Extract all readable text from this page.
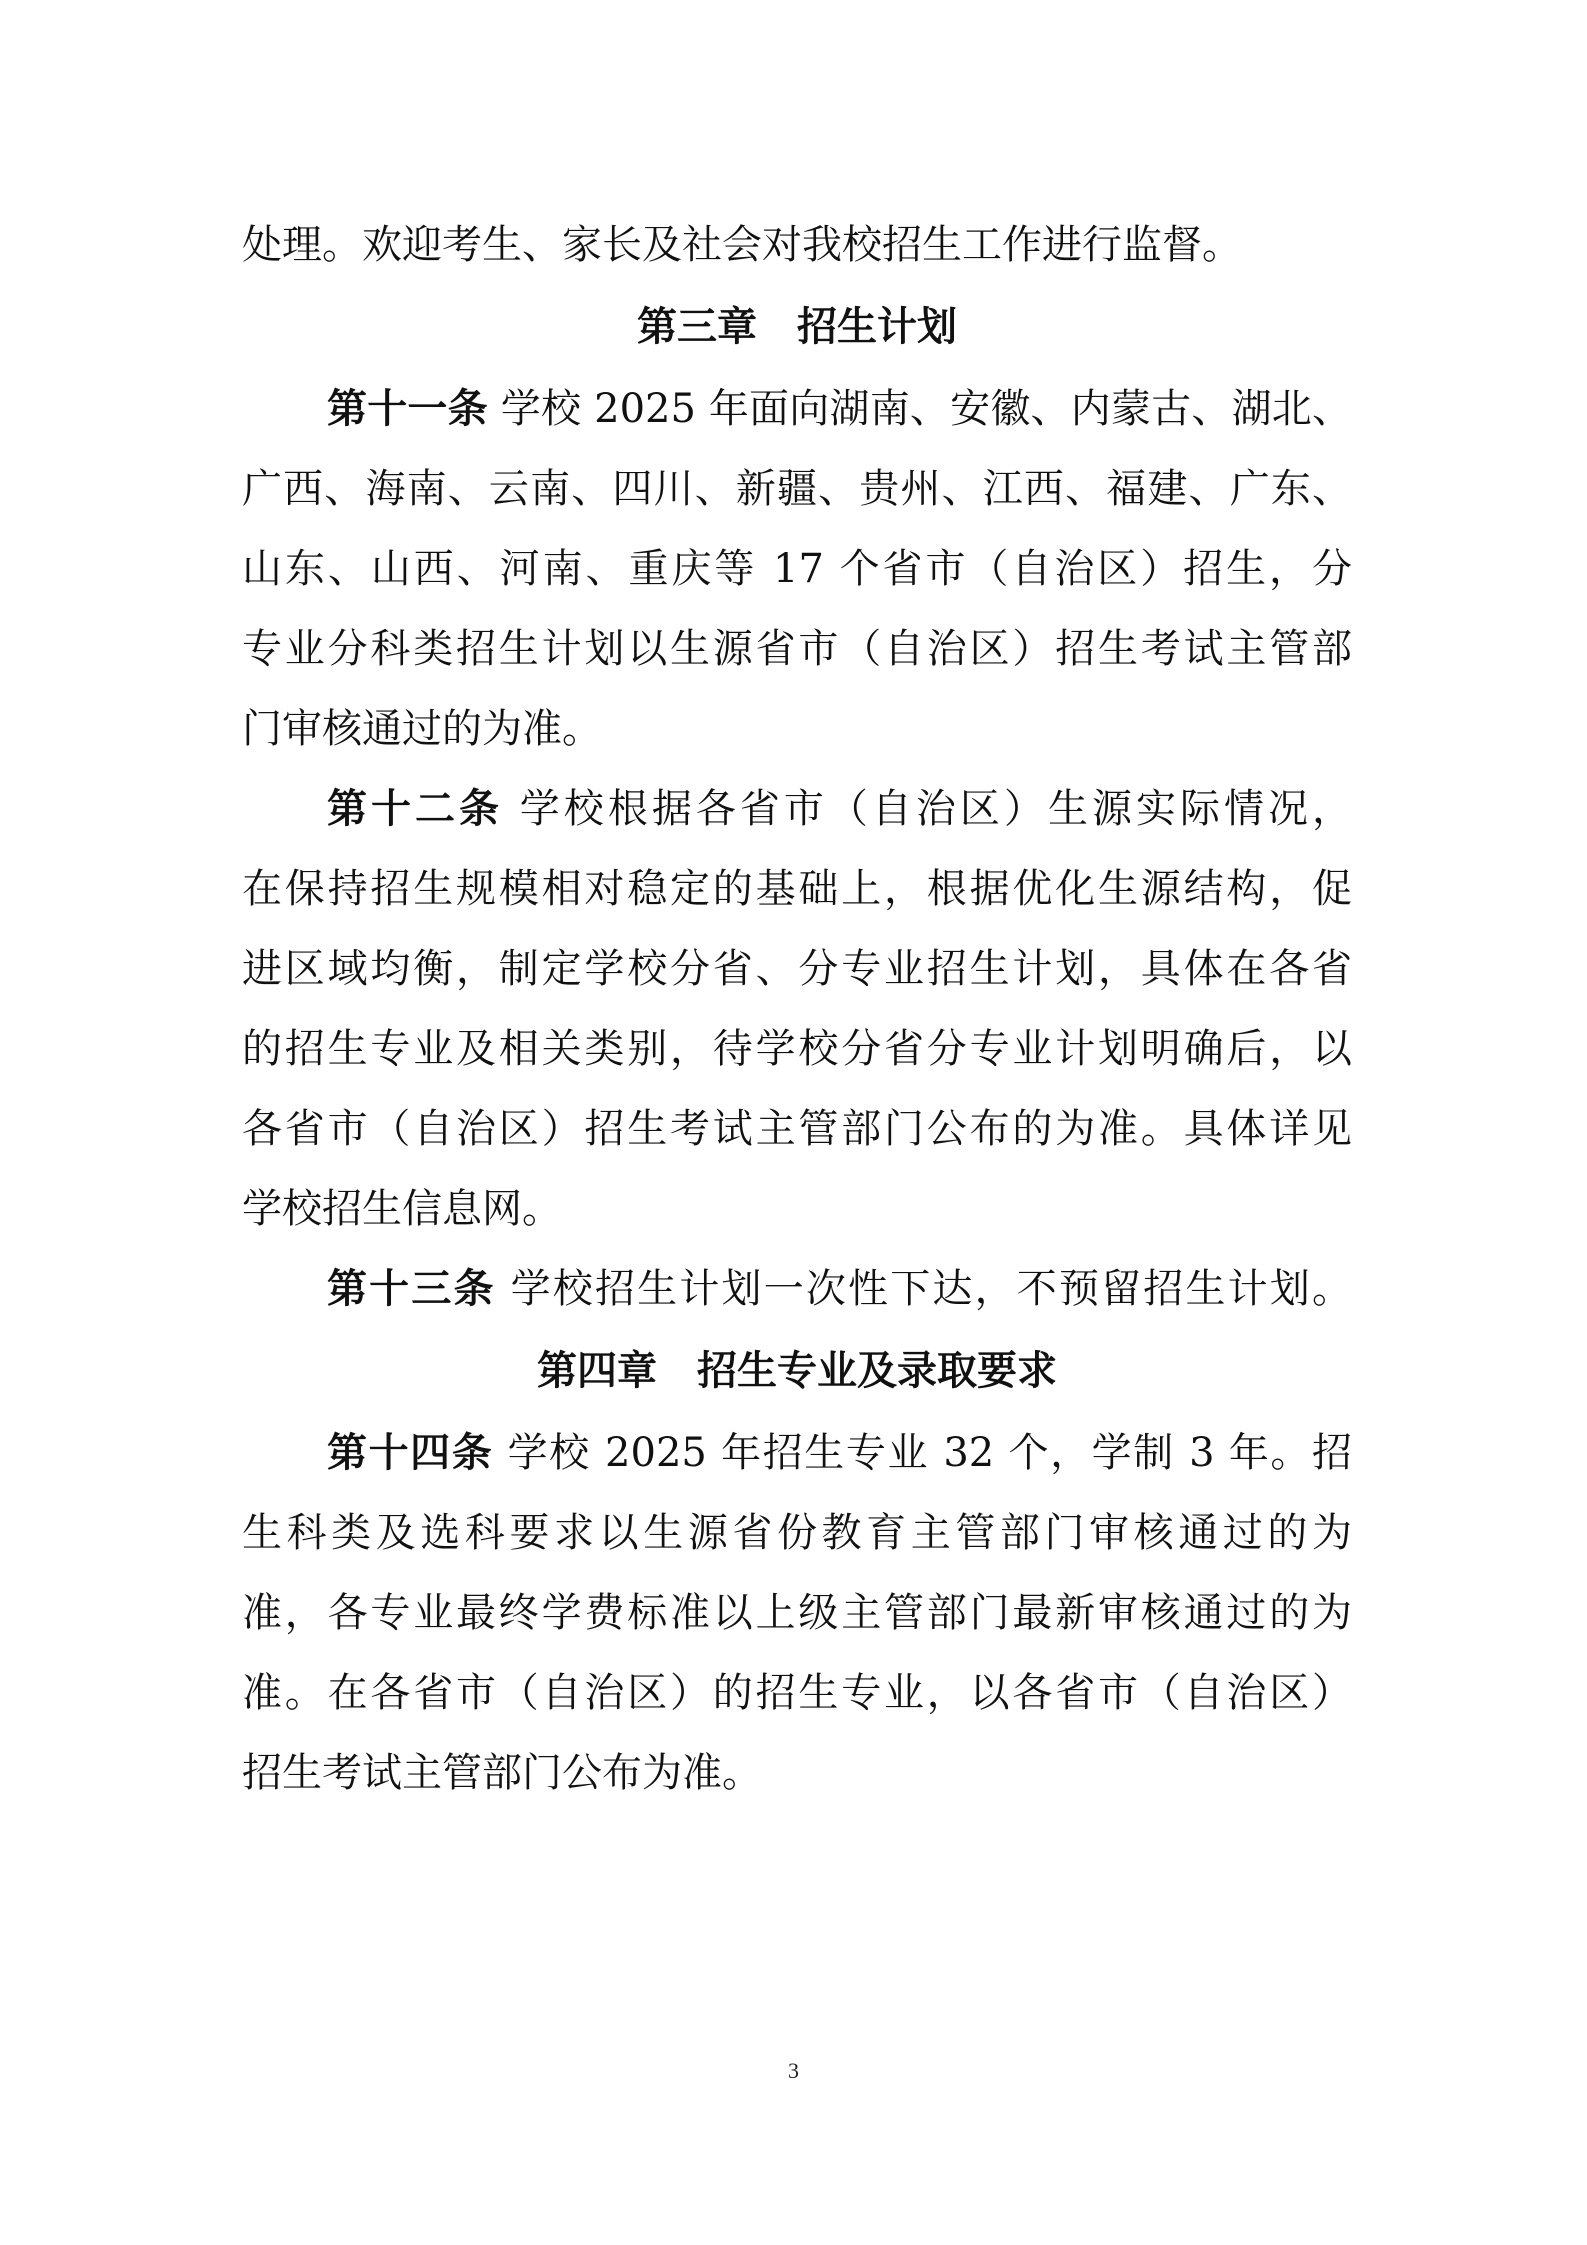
处理。欢迎考生、家长及社会对我校招生工作进行监督。
第三章　招生计划
第十一条 学校 2025 年面向湖南、安徽、内蒙古、湖北、
广西、海南、云南、四川、新疆、贵州、江西、福建、广东、
山东、山西、河南、重庆等 17 个省市（自治区）招生，分
专业分科类招生计划以生源省市（自治区）招生考试主管部
门审核通过的为准。
第十二条 学校根据各省市（自治区）生源实际情况，
在保持招生规模相对稳定的基础上，根据优化生源结构，促
进区域均衡，制定学校分省、分专业招生计划，具体在各省
的招生专业及相关类别，待学校分省分专业计划明确后，以
各省市（自治区）招生考试主管部门公布的为准。具体详见
学校招生信息网。
第十三条 学校招生计划一次性下达，不预留招生计划。
第四章　招生专业及录取要求
第十四条 学校 2025 年招生专业 32 个，学制 3 年。招
生科类及选科要求以生源省份教育主管部门审核通过的为
准，各专业最终学费标准以上级主管部门最新审核通过的为
准。在各省市（自治区）的招生专业，以各省市（自治区）
招生考试主管部门公布为准。
3
